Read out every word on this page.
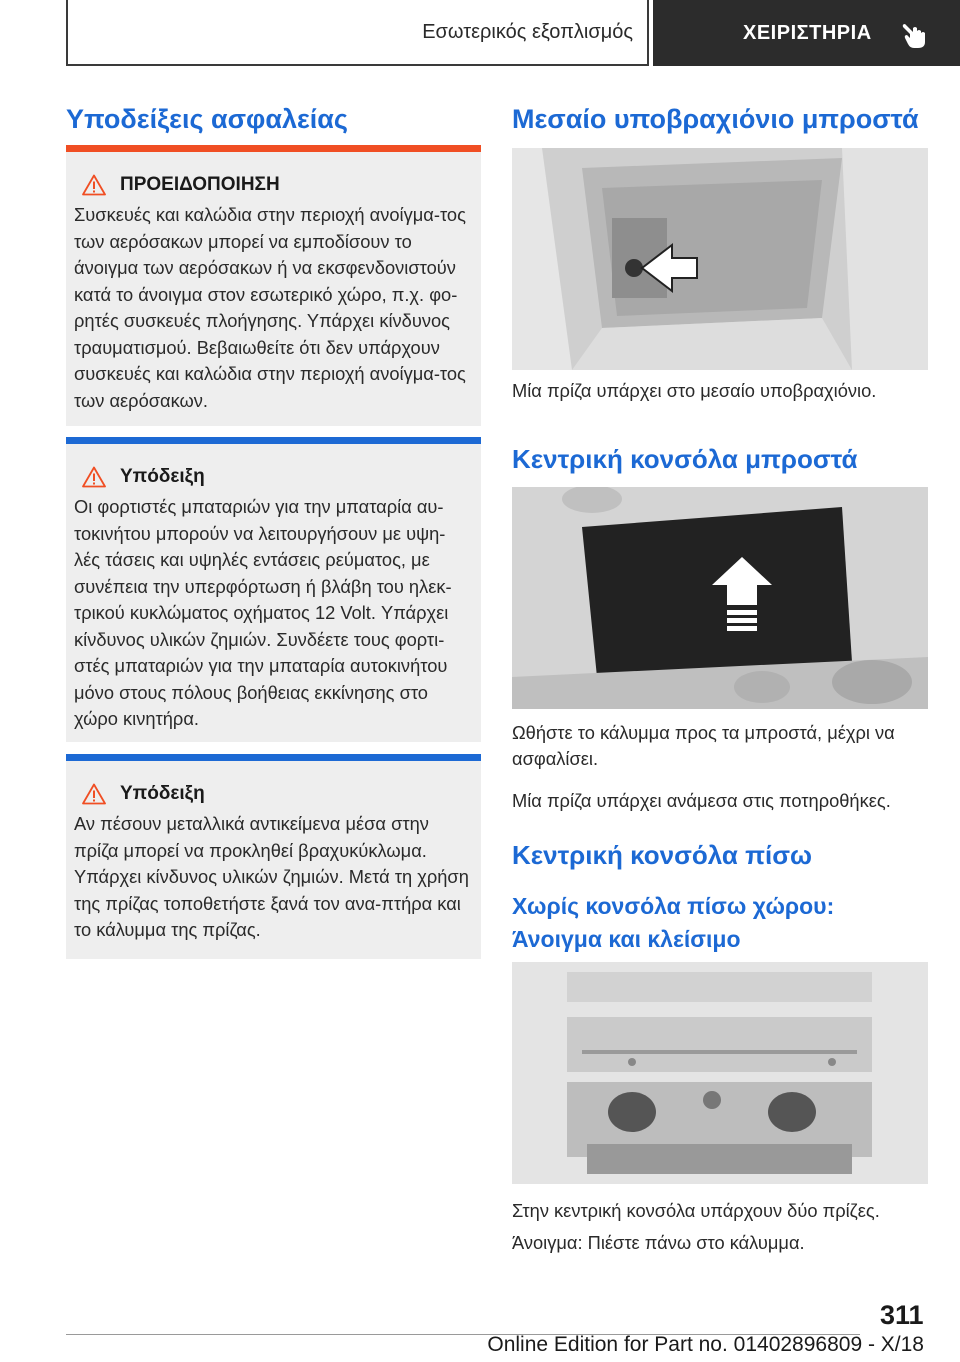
Εσωτερικός εξοπλισμός	ΧΕΙΡΙΣΤΗΡΙΑ
Υποδείξεις ασφαλείας
ΠΡΟΕΙΔΟΠΟΙΗΣΗ
Συσκευές και καλώδια στην περιοχή ανοίγμα-τος των αερόσακων μπορεί να εμποδίσουν το άνοιγμα των αερόσακων ή να εκσφενδονιστούν κατά το άνοιγμα στον εσωτερικό χώρο, π.χ. φο-ρητές συσκευές πλοήγησης. Υπάρχει κίνδυνος τραυματισμού. Βεβαιωθείτε ότι δεν υπάρχουν συσκευές και καλώδια στην περιοχή ανοίγμα-τος των αερόσακων.
Υπόδειξη
Οι φορτιστές μπαταριών για την μπαταρία αυ-τοκινήτου μπορούν να λειτουργήσουν με υψη-λές τάσεις και υψηλές εντάσεις ρεύματος, με συνέπεια την υπερφόρτωση ή βλάβη του ηλεκ-τρικού κυκλώματος οχήματος 12 Volt. Υπάρχει κίνδυνος υλικών ζημιών. Συνδέετε τους φορτι-στές μπαταριών για την μπαταρία αυτοκινήτου μόνο στους πόλους βοήθειας εκκίνησης στο χώρο κινητήρα.
Υπόδειξη
Αν πέσουν μεταλλικά αντικείμενα μέσα στην πρίζα μπορεί να προκληθεί βραχυκύκλωμα. Υπάρχει κίνδυνος υλικών ζημιών. Μετά τη χρήση της πρίζας τοποθετήστε ξανά τον ανα-πτήρα και το κάλυμμα της πρίζας.
Μεσαίο υποβραχιόνιο μπροστά
Μία πρίζα υπάρχει στο μεσαίο υποβραχιόνιο.
Κεντρική κονσόλα μπροστά
Ωθήστε το κάλυμμα προς τα μπροστά, μέχρι να ασφαλίσει.
Μία πρίζα υπάρχει ανάμεσα στις ποτηροθήκες.
Κεντρική κονσόλα πίσω
Χωρίς κονσόλα πίσω χώρου: Άνοιγμα και κλείσιμο
Στην κεντρική κονσόλα υπάρχουν δύο πρίζες.
Άνοιγμα: Πιέστε πάνω στο κάλυμμα.
311
Online Edition for Part no. 01402896809 - X/18
